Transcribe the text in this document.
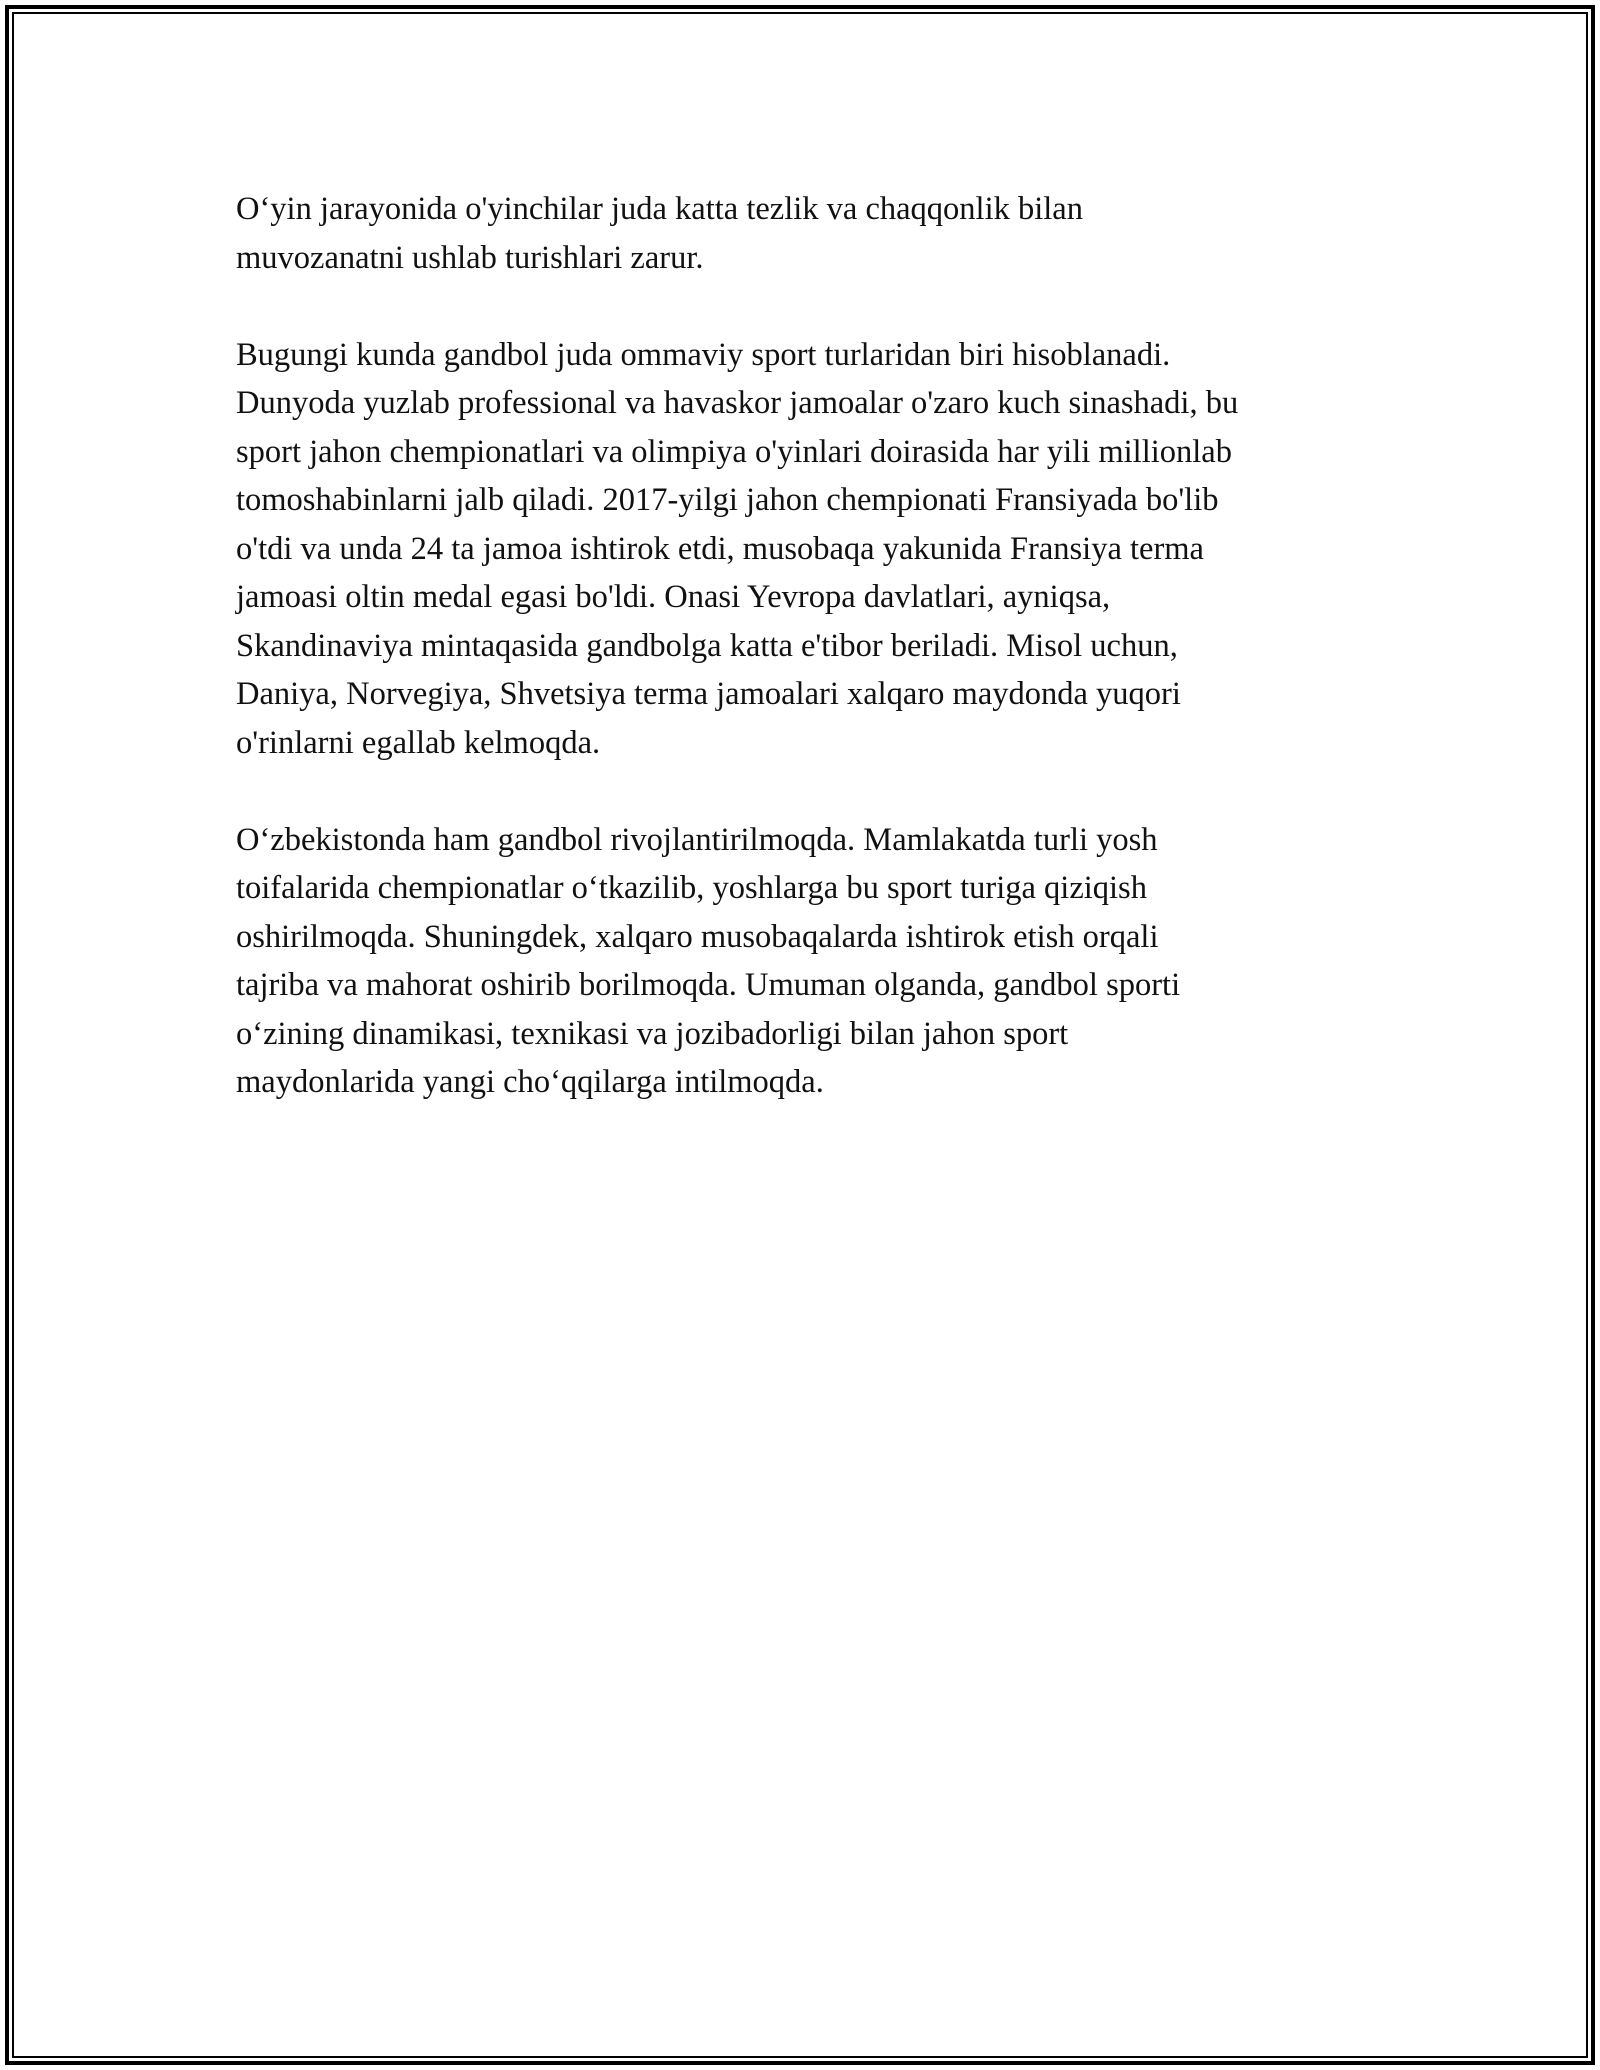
O‘yin jarayonida o'yinchilar juda katta tezlik va chaqqonlik bilan
muvozanatni ushlab turishlari zarur.

Bugungi kunda gandbol juda ommaviy sport turlaridan biri hisoblanadi.
Dunyoda yuzlab professional va havaskor jamoalar o'zaro kuch sinashadi, bu
sport jahon chempionatlari va olimpiya o'yinlari doirasida har yili millionlab
tomoshabinlarni jalb qiladi. 2017-yilgi jahon chempionati Fransiyada bo'lib
o'tdi va unda 24 ta jamoa ishtirok etdi, musobaqa yakunida Fransiya terma
jamoasi oltin medal egasi bo'ldi. Onasi Yevropa davlatlari, ayniqsa,
Skandinaviya mintaqasida gandbolga katta e'tibor beriladi. Misol uchun,
Daniya, Norvegiya, Shvetsiya terma jamoalari xalqaro maydonda yuqori
o'rinlarni egallab kelmoqda.

O‘zbekistonda ham gandbol rivojlantirilmoqda. Mamlakatda turli yosh
toifalarida chempionatlar o‘tkazilib, yoshlarga bu sport turiga qiziqish
oshirilmoqda. Shuningdek, xalqaro musobaqalarda ishtirok etish orqali
tajriba va mahorat oshirib borilmoqda. Umuman olganda, gandbol sporti
o‘zining dinamikasi, texnikasi va jozibadorligi bilan jahon sport
maydonlarida yangi cho‘qqilarga intilmoqda.
